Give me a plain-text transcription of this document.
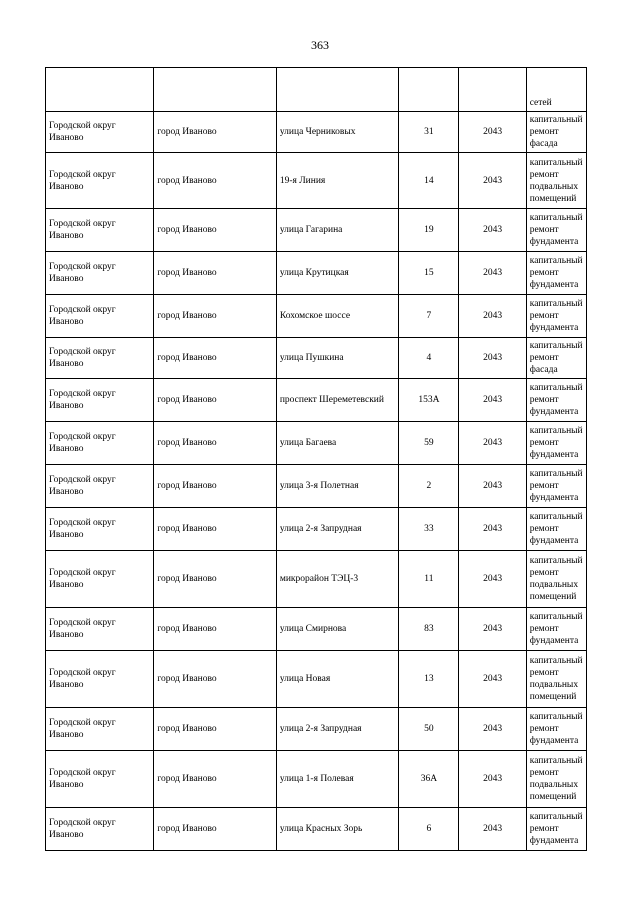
363
					сетей
Городской округ Иваново	город Иваново	улица Черниковых	31	2043	капитальный ремонт фасада
Городской округ Иваново	город Иваново	19-я Линия	14	2043	капитальный ремонт подвальных помещений
Городской округ Иваново	город Иваново	улица Гагарина	19	2043	капитальный ремонт фундамента
Городской округ Иваново	город Иваново	улица Крутицкая	15	2043	капитальный ремонт фундамента
Городской округ Иваново	город Иваново	Кохомское шоссе	7	2043	капитальный ремонт фундамента
Городской округ Иваново	город Иваново	улица Пушкина	4	2043	капитальный ремонт фасада
Городской округ Иваново	город Иваново	проспект Шереметевский	153А	2043	капитальный ремонт фундамента
Городской округ Иваново	город Иваново	улица Багаева	59	2043	капитальный ремонт фундамента
Городской округ Иваново	город Иваново	улица 3-я Полетная	2	2043	капитальный ремонт фундамента
Городской округ Иваново	город Иваново	улица 2-я Запрудная	33	2043	капитальный ремонт фундамента
Городской округ Иваново	город Иваново	микрорайон ТЭЦ-3	11	2043	капитальный ремонт подвальных помещений
Городской округ Иваново	город Иваново	улица Смирнова	83	2043	капитальный ремонт фундамента
Городской округ Иваново	город Иваново	улица Новая	13	2043	капитальный ремонт подвальных помещений
Городской округ Иваново	город Иваново	улица 2-я Запрудная	50	2043	капитальный ремонт фундамента
Городской округ Иваново	город Иваново	улица 1-я Полевая	36А	2043	капитальный ремонт подвальных помещений
Городской округ Иваново	город Иваново	улица Красных Зорь	6	2043	капитальный ремонт фундамента
